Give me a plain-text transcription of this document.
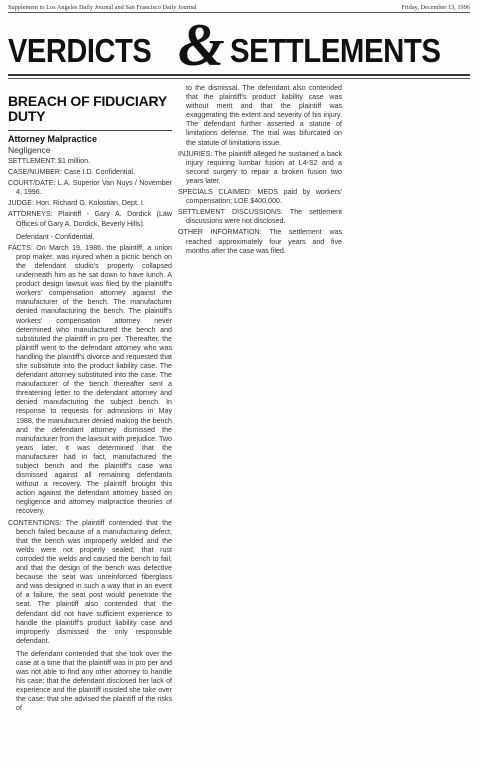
Supplement to Los Angeles Daily Journal and San Francisco Daily Journal	Friday, December 13, 1996
VERDICTS & SETTLEMENTS
BREACH OF FIDUCIARY DUTY
Attorney Malpractice
Negligence
SETTLEMENT: $1 million.
CASE/NUMBER: Case I.D. Confidential.
COURT/DATE: L.A. Superior Van Nuys / November 4, 1996.
JUDGE: Hon. Richard G. Kolostian, Dept. I.
ATTORNEYS: Plaintiff - Gary A. Dordick (Law Offices of Gary A. Dordick, Beverly Hills).
Defendant - Confidential.
FACTS: On March 19, 1986, the plaintiff, a union prop maker, was injured when a picnic bench on the defendant studio's property collapsed underneath him as he sat down to have lunch. A product design lawsuit was filed by the plaintiff's workers' compensation attorney against the manufacturer of the bench. The manufacturer denied manufacturing the bench. The plaintiff's workers' compensation attorney never determined who manufactured the bench and substituted the plaintiff in pro per. Thereafter, the plaintiff went to the defendant attorney who was handling the plaintiff's divorce and requested that she substitute into the product liability case. The defendant attorney substituted into the case. The manufacturer of the bench thereafter sent a threatening letter to the defendant attorney and denied manufacturing the subject bench. In response to requests for admissions in May 1988, the manufacturer denied making the bench and the defendant attorney dismissed the manufacturer from the lawsuit with prejudice. Two years later, it was determined that the manufacturer had in fact, manufactured the subject bench and the plaintiff's case was dismissed against all remaining defendants without a recovery. The plaintiff brought this action against the defendant attorney based on negligence and attorney malpractice theories of recovery.
CONTENTIONS: The plaintiff contended that the bench failed because of a manufacturing defect; that the bench was improperly welded and the welds were not properly sealed; that rust corroded the welds and caused the bench to fail; and that the design of the bench was defective because the seat was unreinforced fiberglass and was designed in such a way that in an event of a failure, the seat post would penetrate the seat. The plaintiff also contended that the defendant did not have sufficient experience to handle the plaintiff's product liability case and improperly dismissed the only responsible defendant.
The defendant contended that she took over the case at a time that the plaintiff was in pro per and was not able to find any other attorney to handle his case; that the defendant disclosed her lack of experience and the plaintiff insisted she take over the case; that she advised the plaintiff of the risks of
to the dismissal. The defendant also contended that the plaintiff's product liability case was without merit and that the plaintiff was exaggerating the extent and severity of his injury. The defendant further asserted a statute of limitations defense. The trial was bifurcated on the statute of limitations issue.
INJURIES: The plaintiff alleged he sustained a back injury requiring lumbar fusion at L4-S2 and a second surgery to repair a broken fusion two years later.
SPECIALS CLAIMED: MEDS paid by workers' compensation; LOE $400,000.
SETTLEMENT DISCUSSIONS: The settlement discussions were not disclosed.
OTHER INFORMATION: The settlement was reached approximately four years and five months after the case was filed.
